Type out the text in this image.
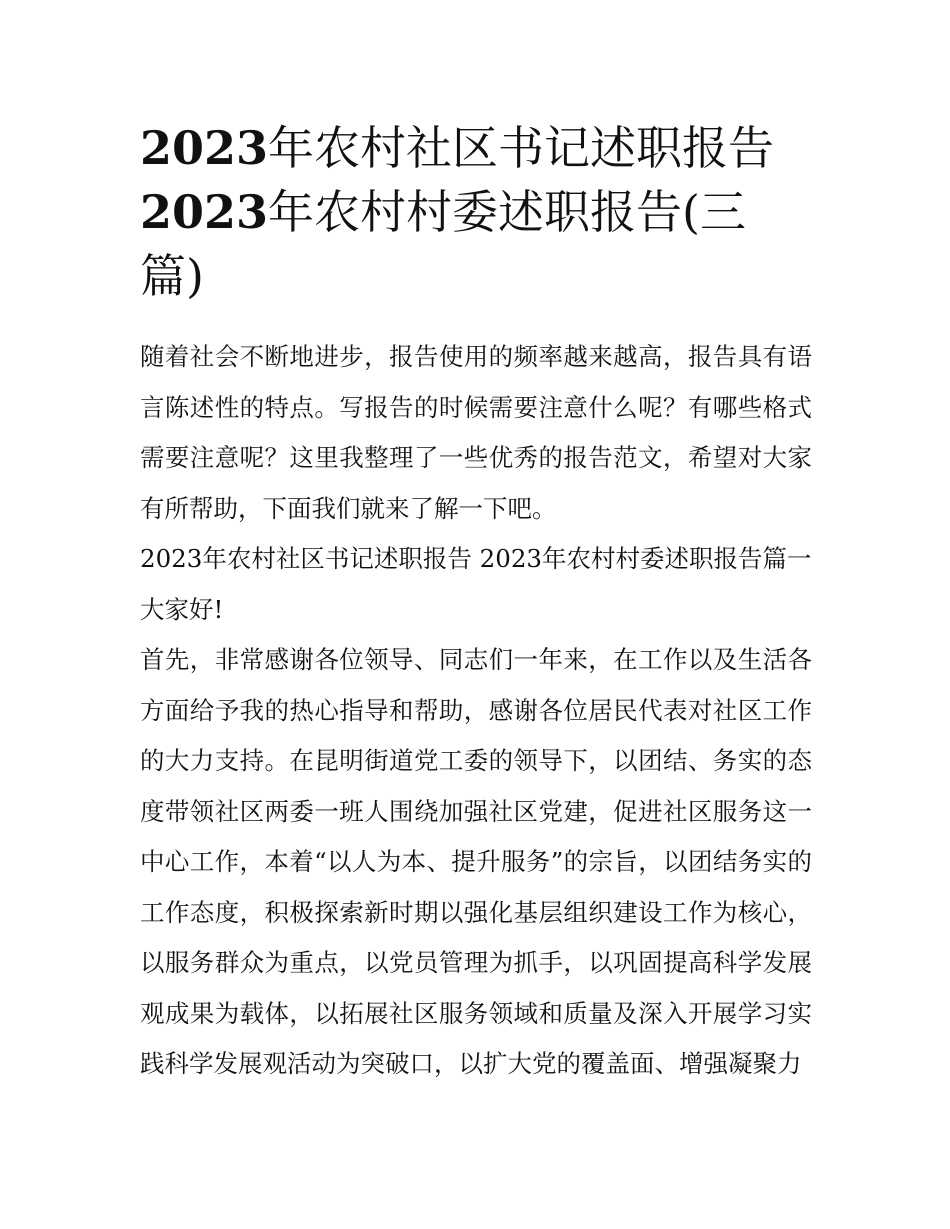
2023年农村社区书记述职报告
2023年农村村委述职报告(三
篇)

随着社会不断地进步，报告使用的频率越来越高，报告具有语言陈述性的特点。写报告的时候需要注意什么呢？有哪些格式需要注意呢？这里我整理了一些优秀的报告范文，希望对大家有所帮助，下面我们就来了解一下吧。

2023年农村社区书记述职报告 2023年农村村委述职报告篇一

大家好!

首先，非常感谢各位领导、同志们一年来，在工作以及生活各方面给予我的热心指导和帮助，感谢各位居民代表对社区工作的大力支持。在昆明街道党工委的领导下，以团结、务实的态度带领社区两委一班人围绕加强社区党建，促进社区服务这一中心工作，本着“以人为本、提升服务”的宗旨，以团结务实的工作态度，积极探索新时期以强化基层组织建设工作为核心，以服务群众为重点，以党员管理为抓手，以巩固提高科学发展观成果为载体，以拓展社区服务领域和质量及深入开展学习实践科学发展观活动为突破口，以扩大党的覆盖面、增强凝聚力
